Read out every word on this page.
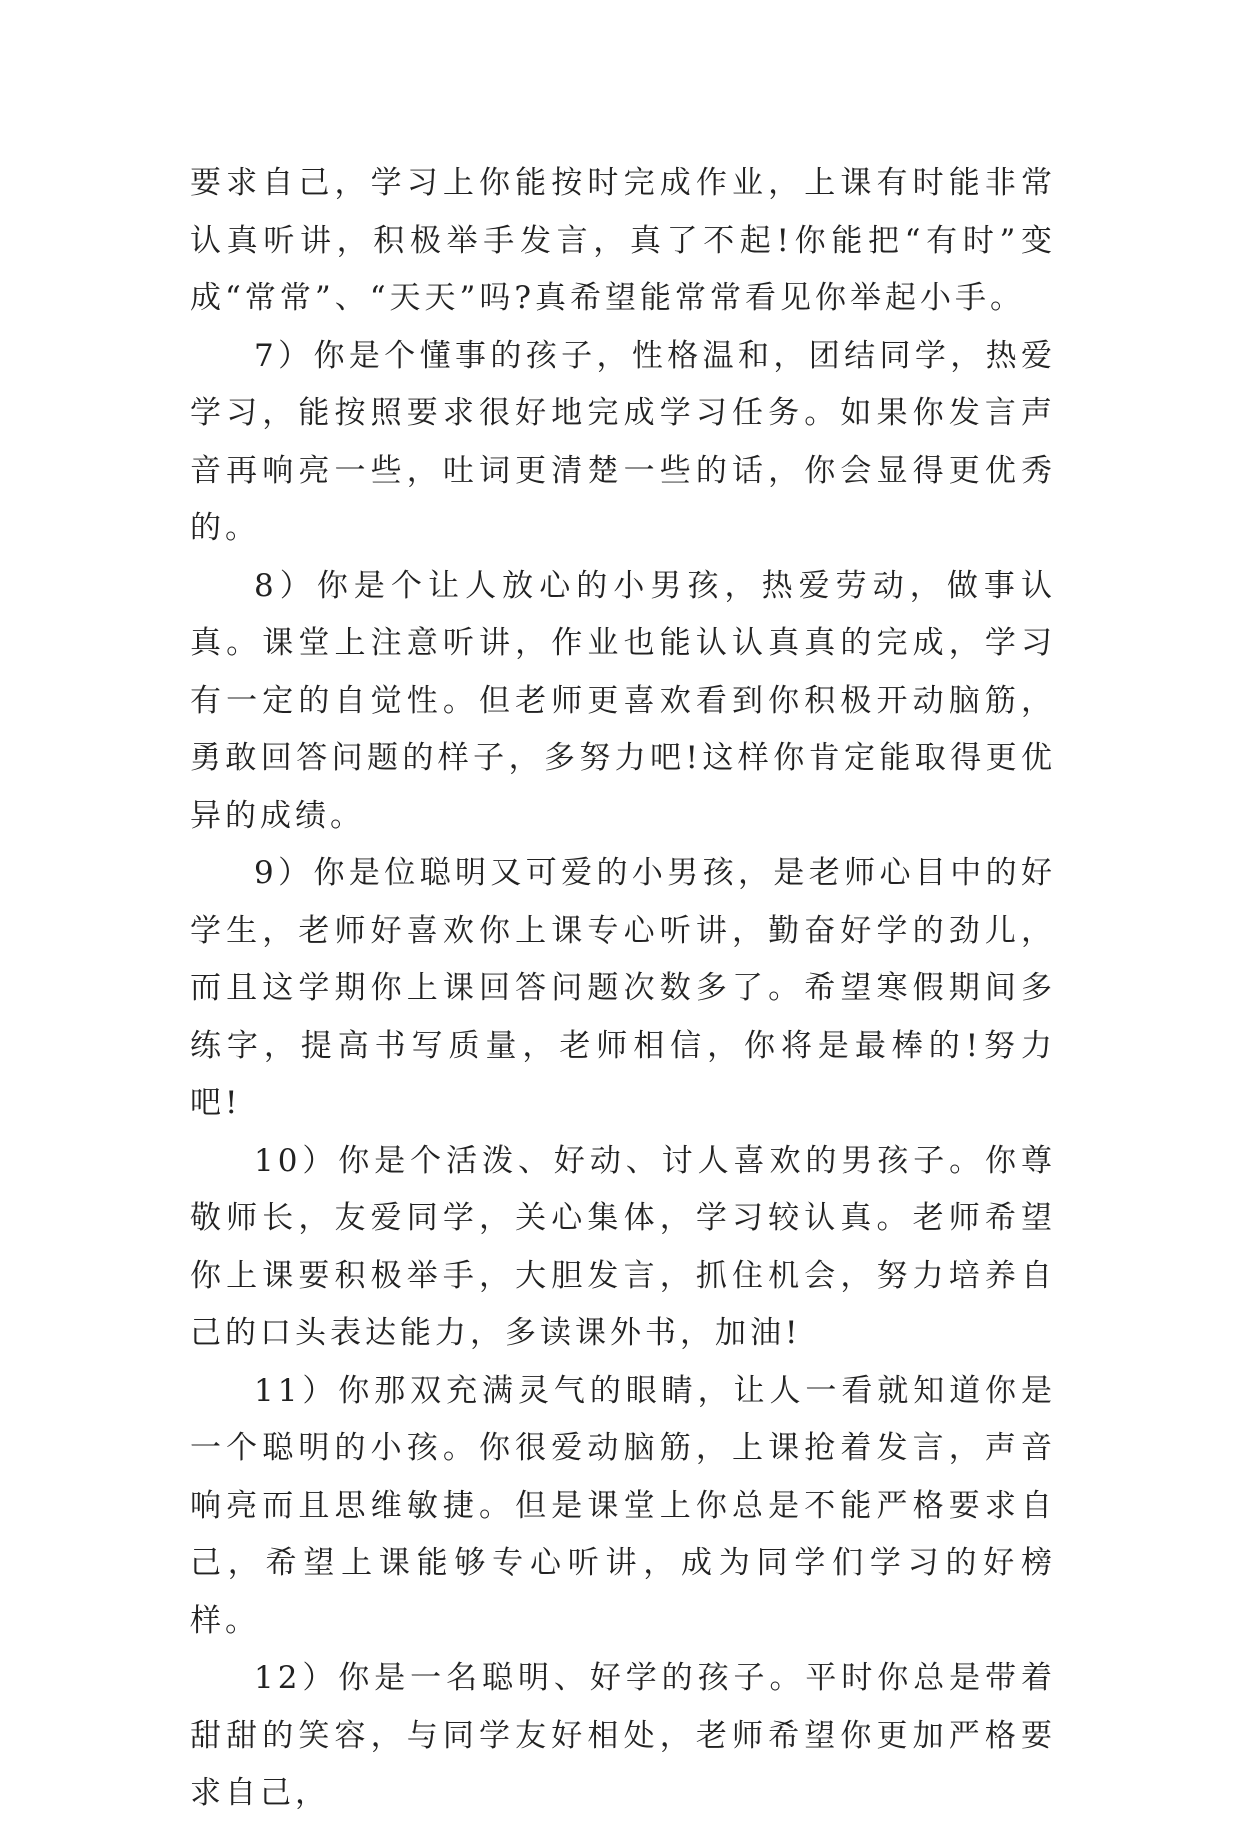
要求自己，学习上你能按时完成作业，上课有时能非常认真听讲，积极举手发言，真了不起!你能把“有时”变成“常常”、“天天”吗?真希望能常常看见你举起小手。

7）你是个懂事的孩子，性格温和，团结同学，热爱学习，能按照要求很好地完成学习任务。如果你发言声音再响亮一些，吐词更清楚一些的话，你会显得更优秀的。

8）你是个让人放心的小男孩，热爱劳动，做事认真。课堂上注意听讲，作业也能认认真真的完成，学习有一定的自觉性。但老师更喜欢看到你积极开动脑筋，勇敢回答问题的样子，多努力吧!这样你肯定能取得更优异的成绩。

9）你是位聪明又可爱的小男孩，是老师心目中的好学生，老师好喜欢你上课专心听讲，勤奋好学的劲儿，而且这学期你上课回答问题次数多了。希望寒假期间多练字，提高书写质量，老师相信，你将是最棒的!努力吧!

10）你是个活泼、好动、讨人喜欢的男孩子。你尊敬师长，友爱同学，关心集体，学习较认真。老师希望你上课要积极举手，大胆发言，抓住机会，努力培养自己的口头表达能力，多读课外书，加油!

11）你那双充满灵气的眼睛，让人一看就知道你是一个聪明的小孩。你很爱动脑筋，上课抢着发言，声音响亮而且思维敏捷。但是课堂上你总是不能严格要求自己，希望上课能够专心听讲，成为同学们学习的好榜样。

12）你是一名聪明、好学的孩子。平时你总是带着甜甜的笑容，与同学友好相处，老师希望你更加严格要求自己，
